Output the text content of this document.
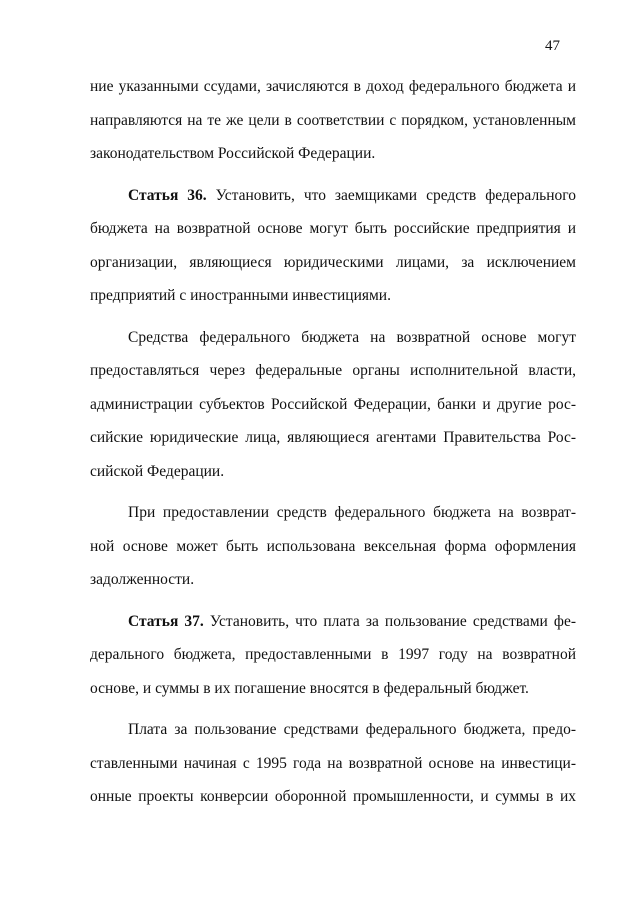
47
ние указанными ссудами, зачисляются в доход федерального бюджета и
направляются на те же цели в соответствии с порядком, установленным
законодательством Российской Федерации.
Статья 36. Установить, что заемщиками средств федерального
бюджета на возвратной основе могут быть российские предприятия и
организации, являющиеся юридическими лицами, за исключением
предприятий с иностранными инвестициями.
Средства федерального бюджета на возвратной основе могут
предоставляться через федеральные органы исполнительной власти,
администрации субъектов Российской Федерации, банки и другие рос-
сийские юридические лица, являющиеся агентами Правительства Рос-
сийской Федерации.
При предоставлении средств федерального бюджета на возврат-
ной основе может быть использована вексельная форма оформления
задолженности.
Статья 37. Установить, что плата за пользование средствами фе-
дерального бюджета, предоставленными в 1997 году на возвратной
основе, и суммы в их погашение вносятся в федеральный бюджет.
Плата за пользование средствами федерального бюджета, предо-
ставленными начиная с 1995 года на возвратной основе на инвестици-
онные проекты конверсии оборонной промышленности, и суммы в их
